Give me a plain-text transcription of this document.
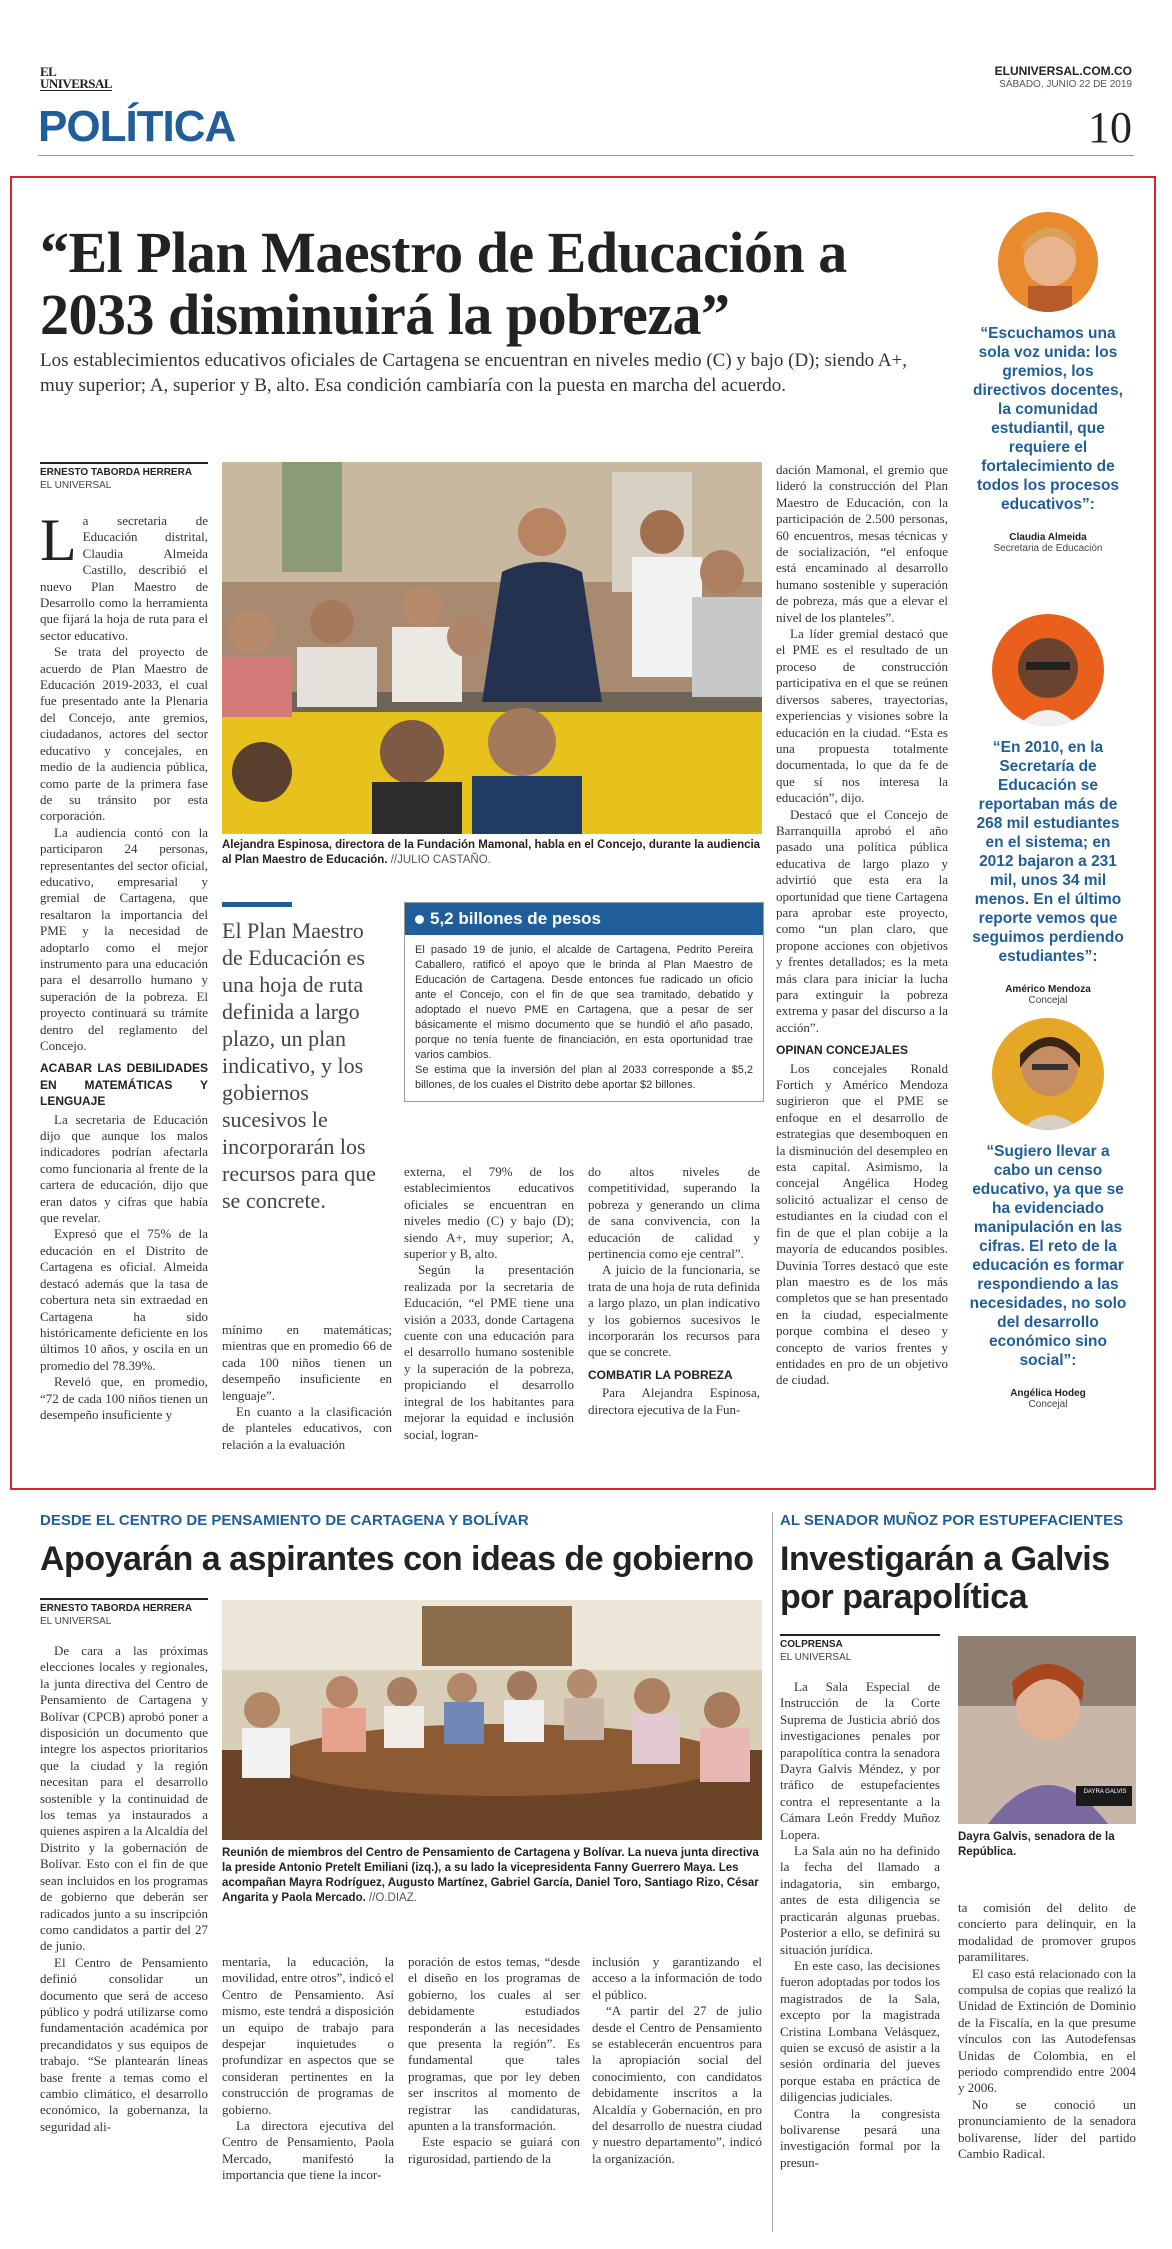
EL
UNIVERSAL
ELUNIVERSAL.COM.CO
SÁBADO, JUNIO 22 DE 2019
POLÍTICA	10
“El Plan Maestro de Educación a 2033 disminuirá la pobreza”
Los establecimientos educativos oficiales de Cartagena se encuentran en niveles medio (C) y bajo (D); siendo A+, muy superior; A, superior y B, alto. Esa condición cambiaría con la puesta en marcha del acuerdo.
ERNESTO TABORDA HERRERA
EL UNIVERSAL

La secretaria de Educación distrital, Claudia Almeida Castillo, describió el nuevo Plan Maestro de Desarrollo como la herramienta que fijará la hoja de ruta para el sector educativo.

Se trata del proyecto de acuerdo de Plan Maestro de Educación 2019-2033, el cual fue presentado ante la Plenaria del Concejo, ante gremios, ciudadanos, actores del sector educativo y concejales, en medio de la audiencia pública, como parte de la primera fase de su tránsito por esta corporación.

La audiencia contó con la participaron 24 personas, representantes del sector oficial, educativo, empresarial y gremial de Cartagena, que resaltaron la importancia del PME y la necesidad de adoptarlo como el mejor instrumento para una educación para el desarrollo humano y superación de la pobreza. El proyecto continuará su trámite dentro del reglamento del Concejo.

ACABAR LAS DEBILIDADES EN MATEMÁTICAS Y LENGUAJE

La secretaria de Educación dijo que aunque los malos indicadores podrían afectarla como funcionaria al frente de la cartera de educación, dijo que eran datos y cifras que había que revelar.

Expresó que el 75% de la educación en el Distrito de Cartagena es oficial. Almeida destacó además que la tasa de cobertura neta sin extraedad en Cartagena ha sido históricamente deficiente en los últimos 10 años, y oscila en un promedio del 78.39%.

Reveló que, en promedio, “72 de cada 100 niños tienen un desempeño insuficiente y

Alejandra Espinosa, directora de la Fundación Mamonal, habla en el Concejo, durante la audiencia al Plan Maestro de Educación. //JULIO CASTAÑO.
El Plan Maestro de Educación es una hoja de ruta definida a largo plazo, un plan indicativo, y los gobiernos sucesivos le incorporarán los recursos para que se concrete.
5,2 billones de pesos
El pasado 19 de junio, el alcalde de Cartagena, Pedrito Pereira Caballero, ratificó el apoyo que le brinda al Plan Maestro de Educación de Cartagena. Desde entonces fue radicado un oficio ante el Concejo, con el fin de que sea tramitado, debatido y adoptado el nuevo PME en Cartagena, que a pesar de ser básicamente el mismo documento que se hundió el año pasado, porque no tenía fuente de financiación, en esta oportunidad trae varios cambios.
Se estima que la inversión del plan al 2033 corresponde a $5,2 billones, de los cuales el Distrito debe aportar $2 billones.

mínimo en matemáticas; mientras que en promedio 66 de cada 100 niños tienen un desempeño insuficiente en lenguaje”.

En cuanto a la clasificación de planteles educativos, con relación a la evaluación

externa, el 79% de los establecimientos educativos oficiales se encuentran en niveles medio (C) y bajo (D); siendo A+, muy superior; A, superior y B, alto.

Según la presentación realizada por la secretaria de Educación, “el PME tiene una visión a 2033, donde Cartagena cuente con una educación para el desarrollo humano sostenible y la superación de la pobreza, propiciando el desarrollo integral de los habitantes para mejorar la equidad e inclusión social, logran-

do altos niveles de competitividad, superando la pobreza y generando un clima de sana convivencia, con la educación de calidad y pertinencia como eje central”.

A juicio de la funcionaria, se trata de una hoja de ruta definida a largo plazo, un plan indicativo y los gobiernos sucesivos le incorporarán los recursos para que se concrete.

COMBATIR LA POBREZA

Para Alejandra Espinosa, directora ejecutiva de la Fun-

dación Mamonal, el gremio que lideró la construcción del Plan Maestro de Educación, con la participación de 2.500 personas, 60 encuentros, mesas técnicas y de socialización, “el enfoque está encaminado al desarrollo humano sostenible y superación de pobreza, más que a elevar el nivel de los planteles”.

La líder gremial destacó que el PME es el resultado de un proceso de construcción participativa en el que se reúnen diversos saberes, trayectorias, experiencias y visiones sobre la educación en la ciudad. “Esta es una propuesta totalmente documentada, lo que da fe de que sí nos interesa la educación”, dijo.

Destacó que el Concejo de Barranquilla aprobó el año pasado una política pública educativa de largo plazo y advirtió que esta era la oportunidad que tiene Cartagena para aprobar este proyecto, como “un plan claro, que propone acciones con objetivos y frentes detallados; es la meta más clara para iniciar la lucha para extinguir la pobreza extrema y pasar del discurso a la acción”.

OPINAN CONCEJALES

Los concejales Ronald Fortich y Américo Mendoza sugirieron que el PME se enfoque en el desarrollo de estrategias que desemboquen en la disminución del desempleo en esta capital. Asimismo, la concejal Angélica Hodeg solicitó actualizar el censo de estudiantes en la ciudad con el fin de que el plan cobije a la mayoría de educandos posibles. Duvinia Torres destacó que este plan maestro es de los más completos que se han presentado en la ciudad, especialmente porque combina el deseo y concepto de varios frentes y entidades en pro de un objetivo de ciudad.

“Escuchamos una sola voz unida: los gremios, los directivos docentes, la comunidad estudiantil, que requiere el fortalecimiento de todos los procesos educativos”:
Claudia Almeida
Secretaria de Educación
“En 2010, en la Secretaría de Educación se reportaban más de 268 mil estudiantes en el sistema; en 2012 bajaron a 231 mil, unos 34 mil menos. En el último reporte vemos que seguimos perdiendo estudiantes”:
Américo Mendoza
Concejal
“Sugiero llevar a cabo un censo educativo, ya que se ha evidenciado manipulación en las cifras. El reto de la educación es formar respondiendo a las necesidades, no solo del desarrollo económico sino social”:
Angélica Hodeg
Concejal
DESDE EL CENTRO DE PENSAMIENTO DE CARTAGENA Y BOLÍVAR
Apoyarán a aspirantes con ideas de gobierno
ERNESTO TABORDA HERRERA
EL UNIVERSAL

De cara a las próximas elecciones locales y regionales, la junta directiva del Centro de Pensamiento de Cartagena y Bolívar (CPCB) aprobó poner a disposición un documento que integre los aspectos prioritarios que la ciudad y la región necesitan para el desarrollo sostenible y la continuidad de los temas ya instaurados a quienes aspiren a la Alcaldía del Distrito y la gobernación de Bolívar. Esto con el fin de que sean incluidos en los programas de gobierno que deberán ser radicados junto a su inscripción como candidatos a partir del 27 de junio.

El Centro de Pensamiento definió consolidar un documento que será de acceso público y podrá utilizarse como fundamentación académica por precandidatos y sus equipos de trabajo. “Se plantearán líneas base frente a temas como el cambio climático, el desarrollo económico, la gobernanza, la seguridad ali-

Reunión de miembros del Centro de Pensamiento de Cartagena y Bolívar. La nueva junta directiva la preside Antonio Pretelt Emiliani (izq.), a su lado la vicepresidenta Fanny Guerrero Maya. Les acompañan Mayra Rodríguez, Augusto Martínez, Gabriel García, Daniel Toro, Santiago Rizo, César Angarita y Paola Mercado. //O.DIAZ.

mentaria, la educación, la movilidad, entre otros”, indicó el Centro de Pensamiento. Así mismo, este tendrá a disposición un equipo de trabajo para despejar inquietudes o profundizar en aspectos que se consideran pertinentes en la construcción de programas de gobierno.

La directora ejecutiva del Centro de Pensamiento, Paola Mercado, manifestó la importancia que tiene la incor-

poración de estos temas, “desde el diseño en los programas de gobierno, los cuales al ser debidamente estudiados responderán a las necesidades que presenta la región”. Es fundamental que tales programas, que por ley deben ser inscritos al momento de registrar las candidaturas, apunten a la transformación.

Este espacio se guiará con rigurosidad, partiendo de la

inclusión y garantizando el acceso a la información de todo el público.

“A partir del 27 de julio desde el Centro de Pensamiento se establecerán encuentros para la apropiación social del conocimiento, con candidatos debidamente inscritos a la Alcaldía y Gobernación, en pro del desarrollo de nuestra ciudad y nuestro departamento”, indicó la organización.

AL SENADOR MUÑOZ POR ESTUPEFACIENTES
Investigarán a Galvis por parapolítica
COLPRENSA
EL UNIVERSAL

La Sala Especial de Instrucción de la Corte Suprema de Justicia abrió dos investigaciones penales por parapolítica contra la senadora Dayra Galvis Méndez, y por tráfico de estupefacientes contra el representante a la Cámara León Freddy Muñoz Lopera.

La Sala aún no ha definido la fecha del llamado a indagatoria, sin embargo, antes de esta diligencia se practicarán algunas pruebas. Posterior a ello, se definirá su situación jurídica.

En este caso, las decisiones fueron adoptadas por todos los magistrados de la Sala, excepto por la magistrada Cristina Lombana Velásquez, quien se excusó de asistir a la sesión ordinaria del jueves porque estaba en práctica de diligencias judiciales.

Contra la congresista bolivarense pesará una investigación formal por la presun-

DAYRA GALVIS
Dayra Galvis, senadora de la República.

ta comisión del delito de concierto para delinquir, en la modalidad de promover grupos paramilitares.

El caso está relacionado con la compulsa de copias que realizó la Unidad de Extinción de Dominio de la Fiscalía, en la que presume vínculos con las Autodefensas Unidas de Colombia, en el periodo comprendido entre 2004 y 2006.

No se conoció un pronunciamiento de la senadora bolivarense, líder del partido Cambio Radical.
